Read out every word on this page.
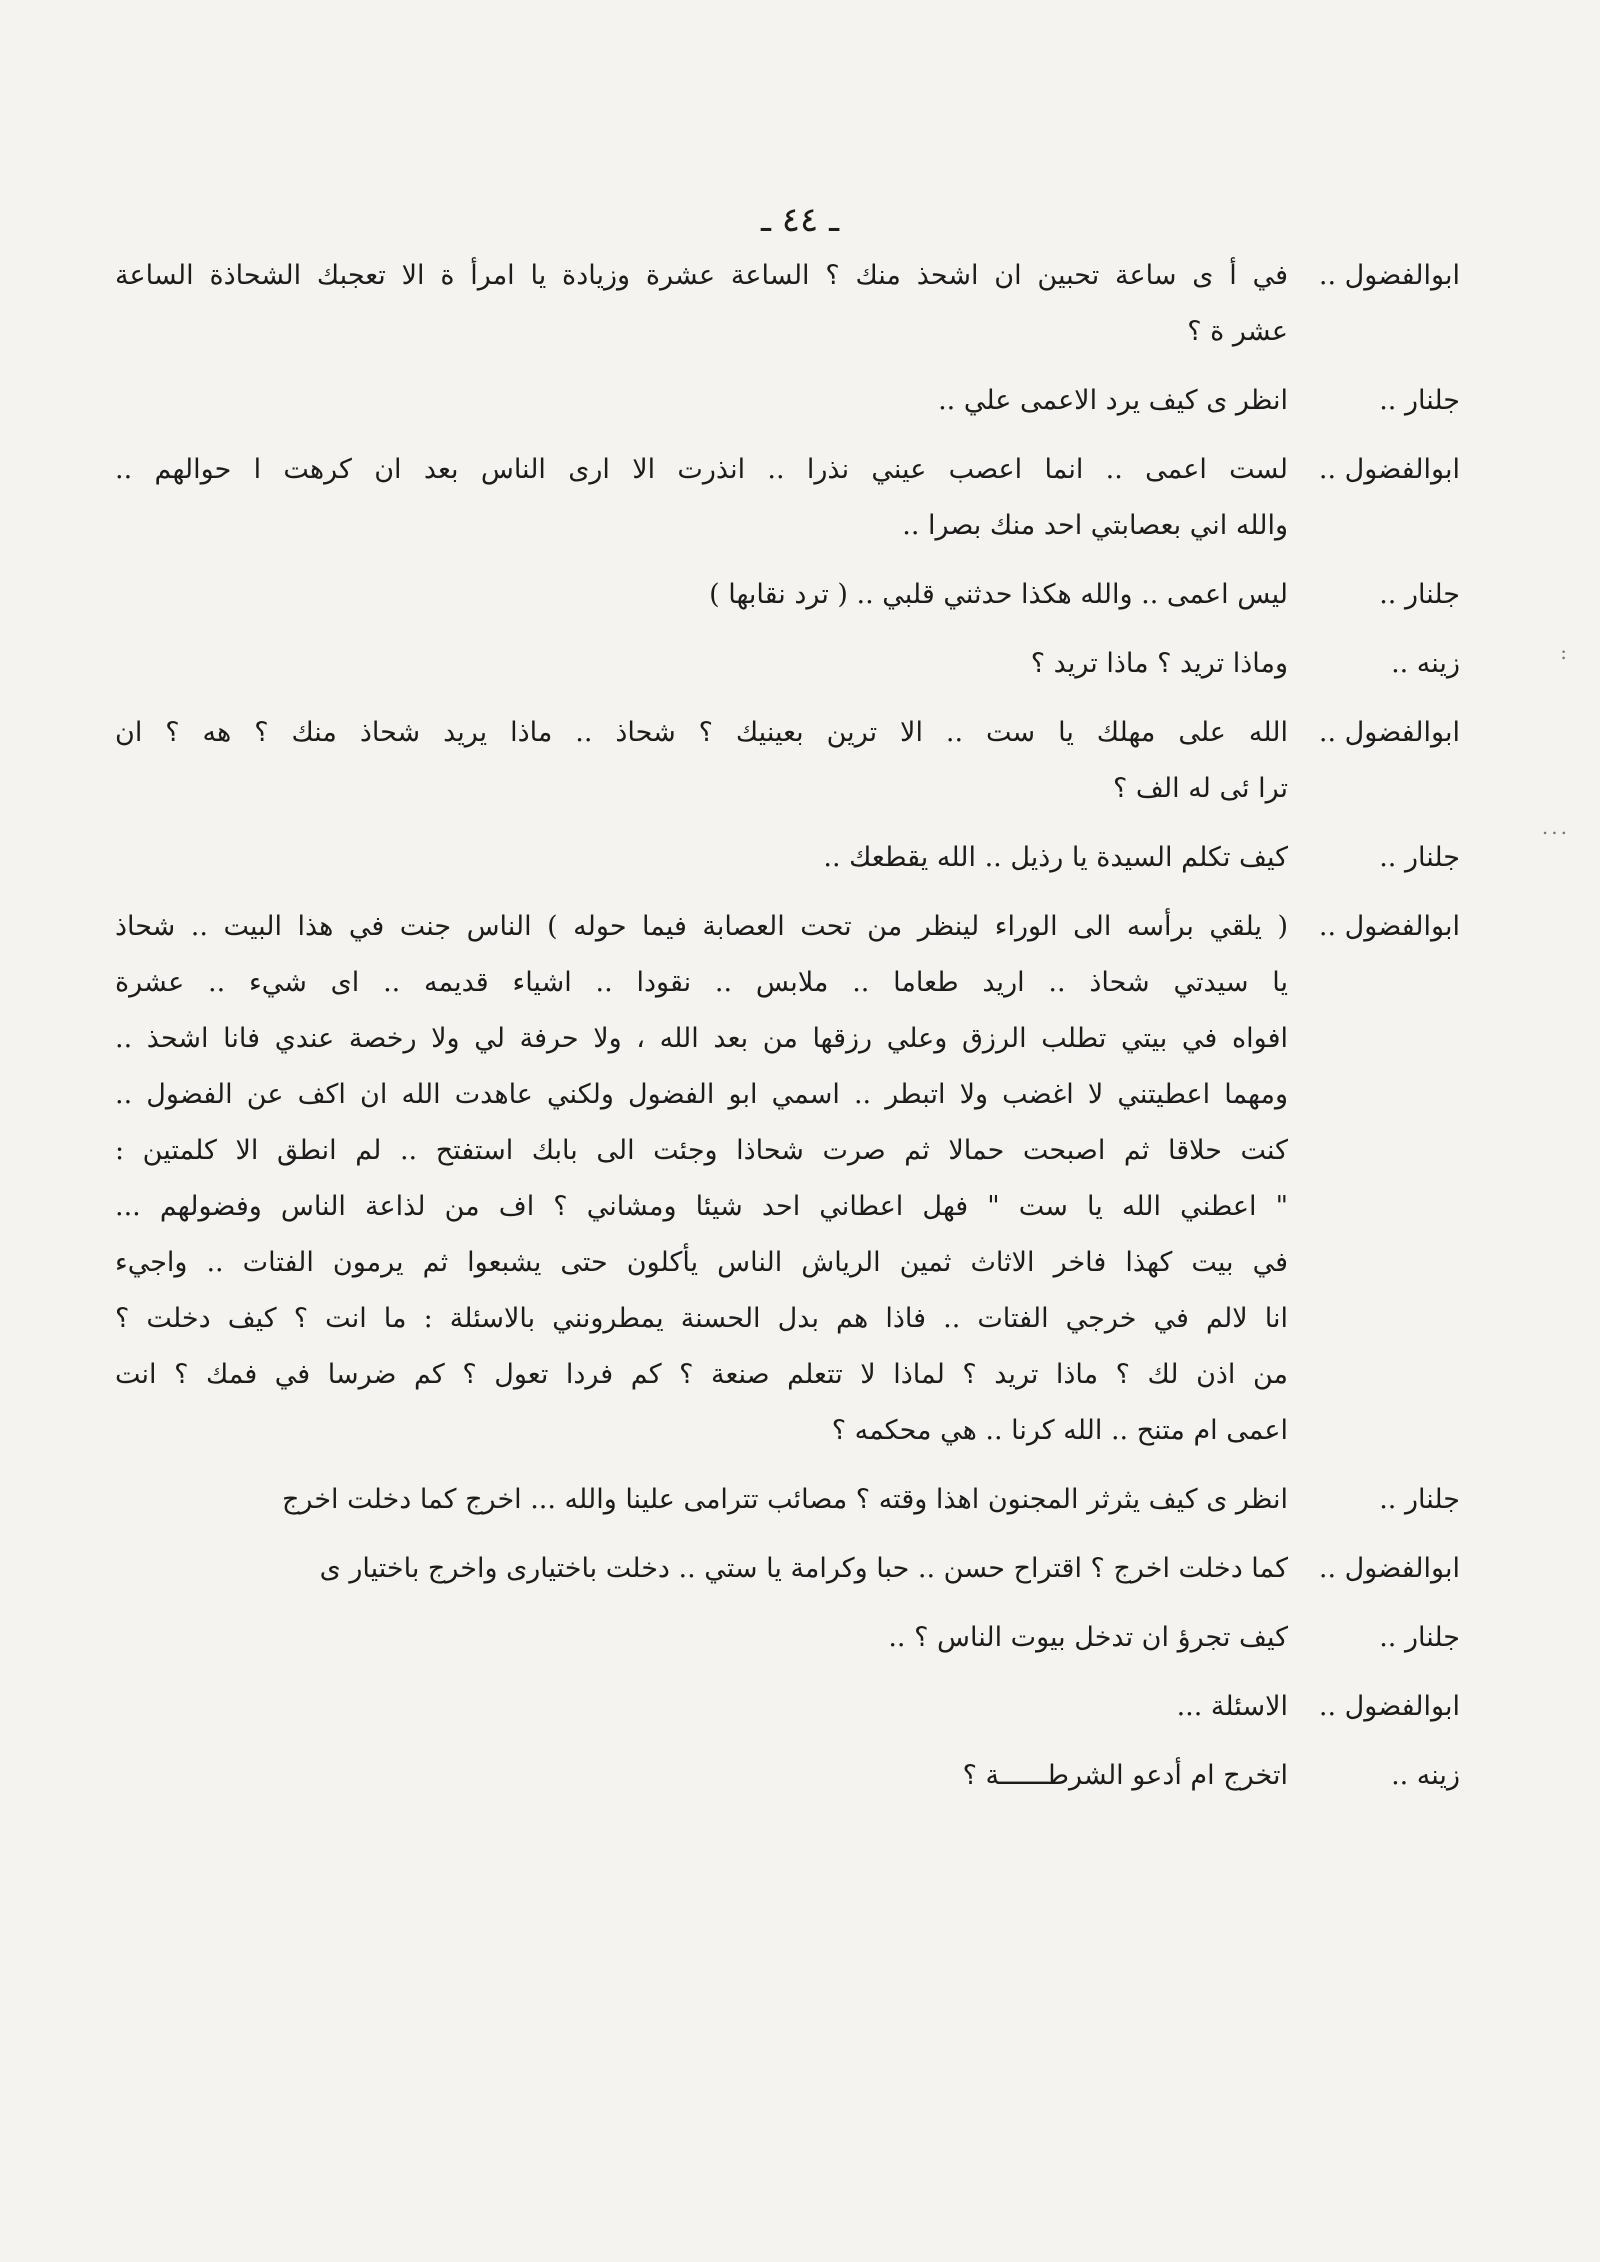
ـ ٤٤ ـ
:
...
ابوالفضول ..
في أ ى ساعة تحبين ان اشحذ منك ؟ الساعة عشرة وزيادة يا امرأ ة الا تعجبك الشحاذة الساعة
عشر ة ؟
جلنار ..
انظر ى كيف يرد الاعمى علي ..
ابوالفضول ..
لست اعمى .. انما اعصب عيني نذرا .. انذرت الا ارى الناس بعد ان كرهت ا حوالهم ..
والله اني بعصابتي احد منك بصرا ..
جلنار ..
ليس اعمى .. والله هكذا حدثني قلبي .. ( ترد نقابها )
زينه ..
وماذا تريد ؟ ماذا تريد ؟
ابوالفضول ..
الله على مهلك يا ست .. الا ترين بعينيك ؟ شحاذ .. ماذا يريد شحاذ منك ؟ هه ؟ ان
ترا ئى له الف ؟
جلنار ..
كيف تكلم السيدة يا رذيل .. الله يقطعك ..
ابوالفضول ..
( يلقي برأسه الى الوراء لينظر من تحت العصابة فيما حوله ) الناس جنت في هذا البيت .. شحاذ
يا سيدتي شحاذ .. اريد طعاما .. ملابس .. نقودا .. اشياء قديمه .. اى شيء .. عشرة
افواه في بيتي تطلب الرزق وعلي رزقها من بعد الله ، ولا حرفة لي ولا رخصة عندي فانا اشحذ ..
ومهما اعطيتني لا اغضب ولا اتبطر .. اسمي ابو الفضول ولكني عاهدت الله ان اكف عن الفضول ..
كنت حلاقا ثم اصبحت حمالا ثم صرت شحاذا وجئت الى بابك استفتح .. لم انطق الا كلمتين :
" اعطني الله يا ست " فهل اعطاني احد شيئا ومشاني ؟ اف من لذاعة الناس وفضولهم ...
في بيت كهذا فاخر الاثاث ثمين الرياش الناس يأكلون حتى يشبعوا ثم يرمون الفتات .. واجيء
انا لالم في خرجي الفتات .. فاذا هم بدل الحسنة يمطرونني بالاسئلة : ما انت ؟ كيف دخلت ؟
من اذن لك ؟ ماذا تريد ؟ لماذا لا تتعلم صنعة ؟ كم فردا تعول ؟ كم ضرسا في فمك ؟ انت
اعمى ام متنح .. الله كرنا .. هي محكمه ؟
جلنار ..
انظر ى كيف يثرثر المجنون اهذا وقته ؟ مصائب تترامى علينا والله ... اخرج كما دخلت اخرج
ابوالفضول ..
كما دخلت اخرج ؟ اقتراح حسن .. حبا وكرامة يا ستي .. دخلت باختيارى واخرج باختيار ى
جلنار ..
كيف تجرؤ ان تدخل بيوت الناس ؟ ..
ابوالفضول ..
الاسئلة ...
زينه ..
اتخرج ام أدعو الشرطــــــة ؟
